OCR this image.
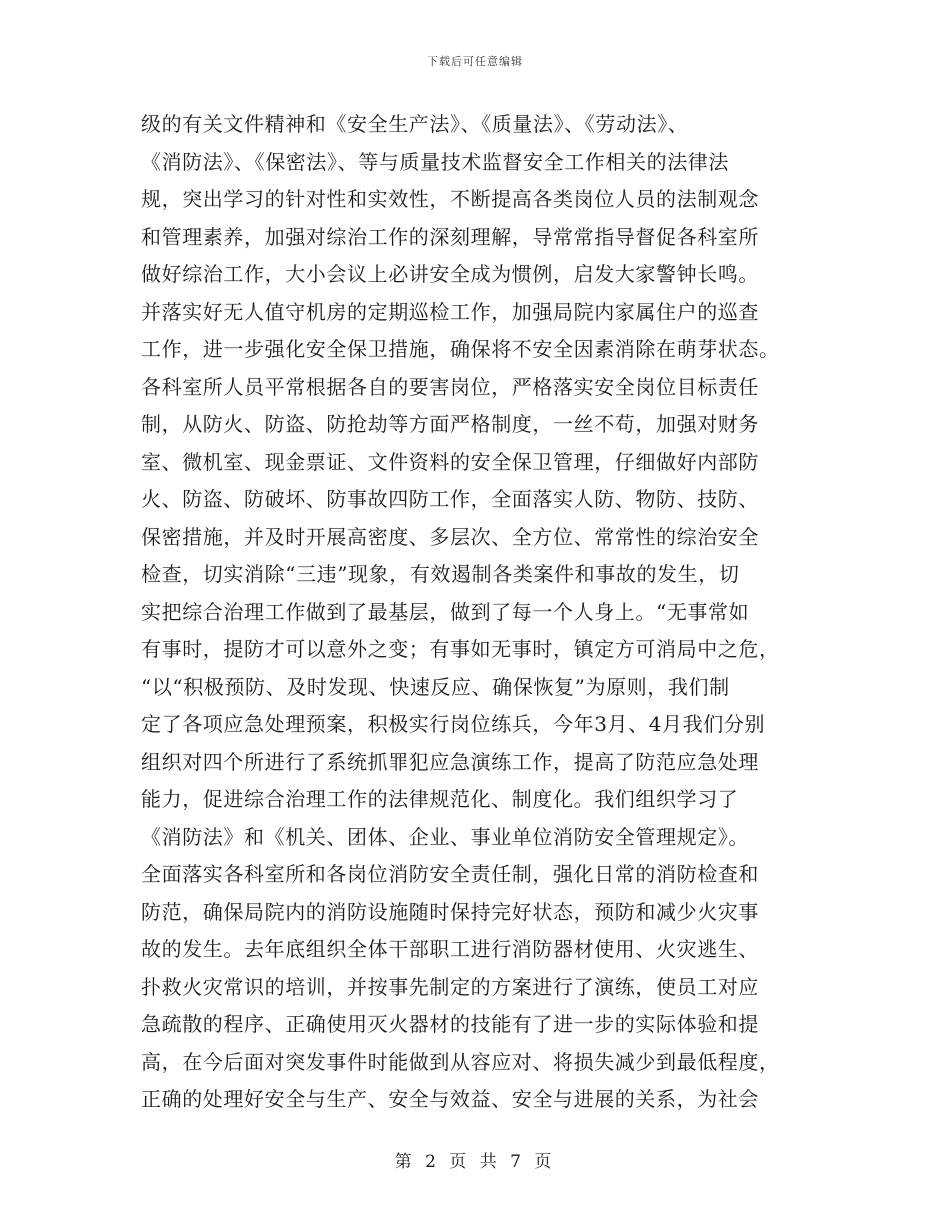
下载后可任意编辑
级的有关文件精神和《安全生产法》、《质量法》、《劳动法》、
《消防法》、《保密法》、等与质量技术监督安全工作相关的法律法
规，突出学习的针对性和实效性，不断提高各类岗位人员的法制观念
和管理素养，加强对综治工作的深刻理解，导常常指导督促各科室所
做好综治工作，大小会议上必讲安全成为惯例，启发大家警钟长鸣。
并落实好无人值守机房的定期巡检工作，加强局院内家属住户的巡查
工作，进一步强化安全保卫措施，确保将不安全因素消除在萌芽状态。
各科室所人员平常根据各自的要害岗位，严格落实安全岗位目标责任
制，从防火、防盗、防抢劫等方面严格制度，一丝不苟，加强对财务
室、微机室、现金票证、文件资料的安全保卫管理，仔细做好内部防
火、防盗、防破坏、防事故四防工作，全面落实人防、物防、技防、
保密措施，并及时开展高密度、多层次、全方位、常常性的综治安全
检查，切实消除“三违”现象，有效遏制各类案件和事故的发生，切
实把综合治理工作做到了最基层，做到了每一个人身上。“无事常如
有事时，提防才可以意外之变；有事如无事时，镇定方可消局中之危，
“以“积极预防、及时发现、快速反应、确保恢复”为原则，我们制
定了各项应急处理预案，积极实行岗位练兵，今年3月、4月我们分别
组织对四个所进行了系统抓罪犯应急演练工作，提高了防范应急处理
能力，促进综合治理工作的法律规范化、制度化。我们组织学习了
《消防法》和《机关、团体、企业、事业单位消防安全管理规定》。
全面落实各科室所和各岗位消防安全责任制，强化日常的消防检查和
防范，确保局院内的消防设施随时保持完好状态，预防和减少火灾事
故的发生。去年底组织全体干部职工进行消防器材使用、火灾逃生、
扑救火灾常识的培训，并按事先制定的方案进行了演练，使员工对应
急疏散的程序、正确使用灭火器材的技能有了进一步的实际体验和提
高，在今后面对突发事件时能做到从容应对、将损失减少到最低程度，
正确的处理好安全与生产、安全与效益、安全与进展的关系，为社会
第 2 页 共 7 页
